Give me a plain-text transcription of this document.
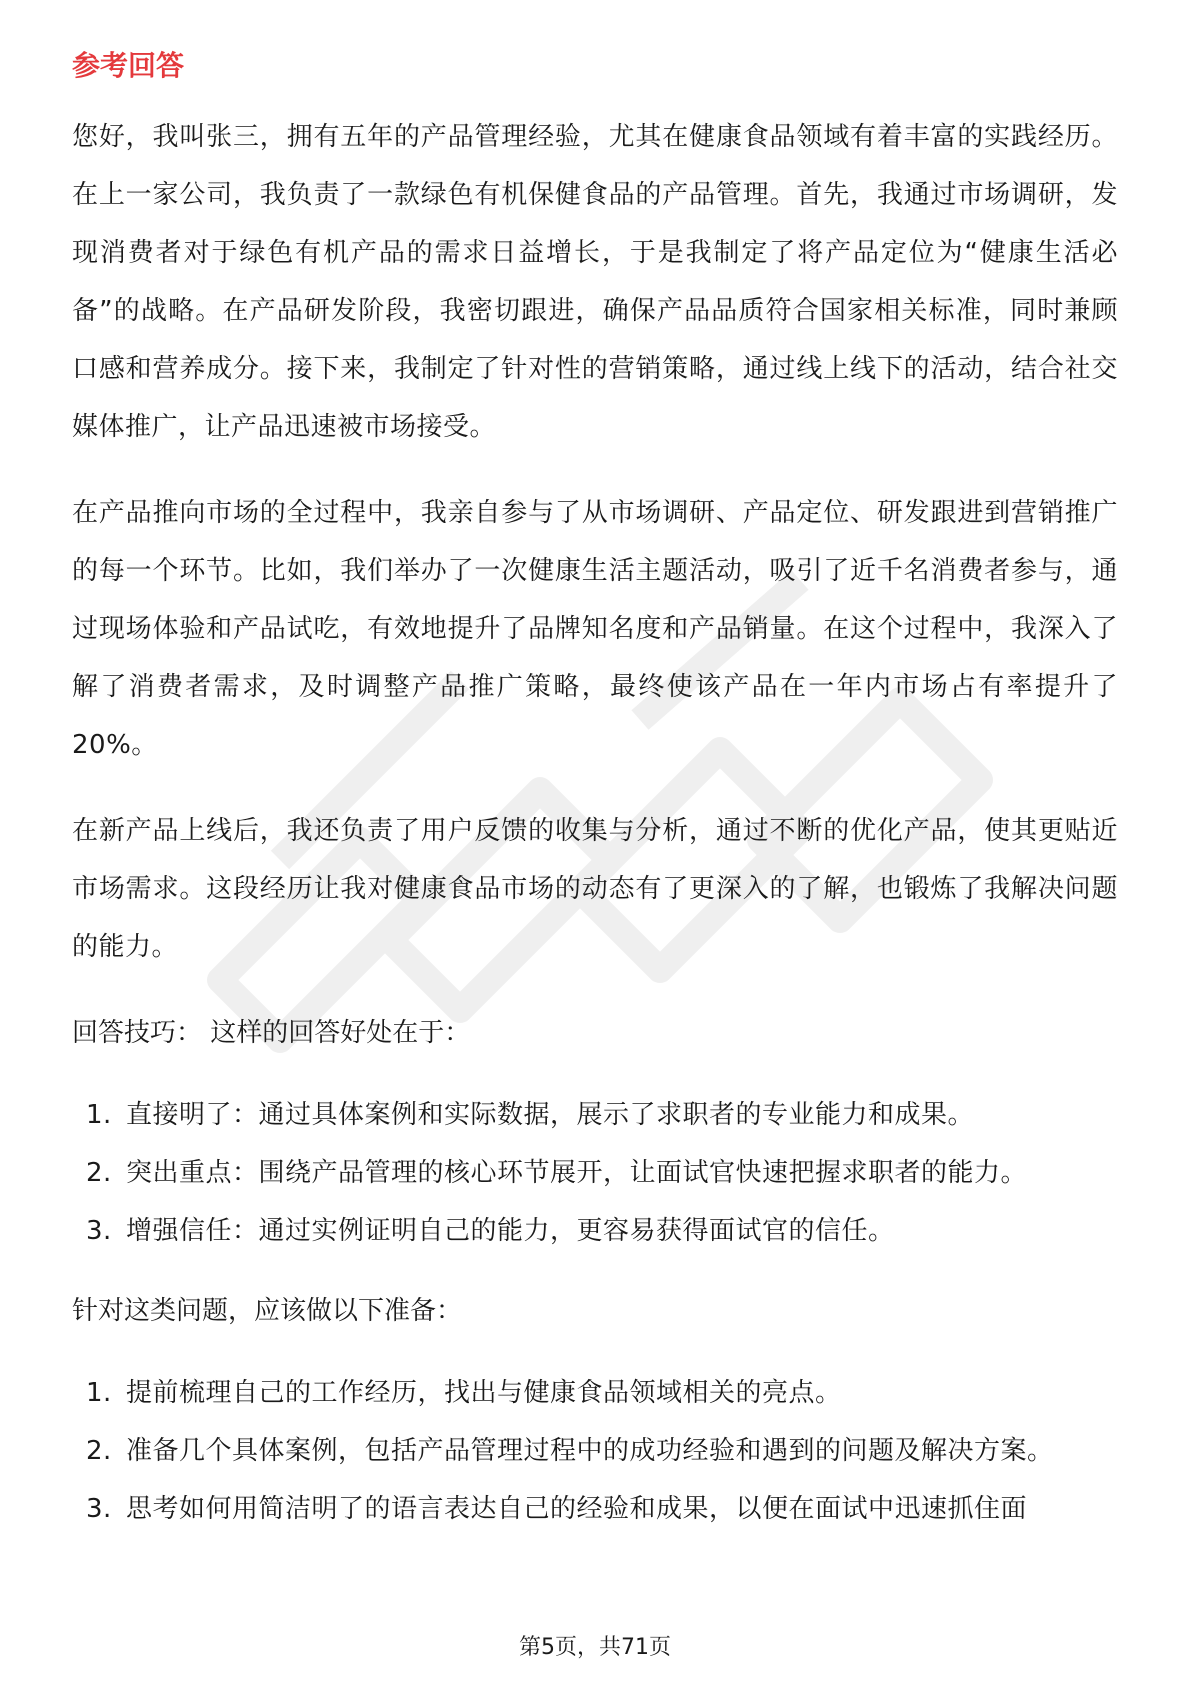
参考回答

您好，我叫张三，拥有五年的产品管理经验，尤其在健康食品领域有着丰富的实践经历。在上一家公司，我负责了一款绿色有机保健食品的产品管理。首先，我通过市场调研，发现消费者对于绿色有机产品的需求日益增长，于是我制定了将产品定位为“健康生活必备”的战略。在产品研发阶段，我密切跟进，确保产品品质符合国家相关标准，同时兼顾口感和营养成分。接下来，我制定了针对性的营销策略，通过线上线下的活动，结合社交媒体推广，让产品迅速被市场接受。

在产品推向市场的全过程中，我亲自参与了从市场调研、产品定位、研发跟进到营销推广的每一个环节。比如，我们举办了一次健康生活主题活动，吸引了近千名消费者参与，通过现场体验和产品试吃，有效地提升了品牌知名度和产品销量。在这个过程中，我深入了解了消费者需求，及时调整产品推广策略，最终使该产品在一年内市场占有率提升了20%。

在新产品上线后，我还负责了用户反馈的收集与分析，通过不断的优化产品，使其更贴近市场需求。这段经历让我对健康食品市场的动态有了更深入的了解，也锻炼了我解决问题的能力。

回答技巧： 这样的回答好处在于：
1. 直接明了：通过具体案例和实际数据，展示了求职者的专业能力和成果。
2. 突出重点：围绕产品管理的核心环节展开，让面试官快速把握求职者的能力。
3. 增强信任：通过实例证明自己的能力，更容易获得面试官的信任。
针对这类问题，应该做以下准备：
1. 提前梳理自己的工作经历，找出与健康食品领域相关的亮点。
2. 准备几个具体案例，包括产品管理过程中的成功经验和遇到的问题及解决方案。
3. 思考如何用简洁明了的语言表达自己的经验和成果，以便在面试中迅速抓住面
第5页，共71页
